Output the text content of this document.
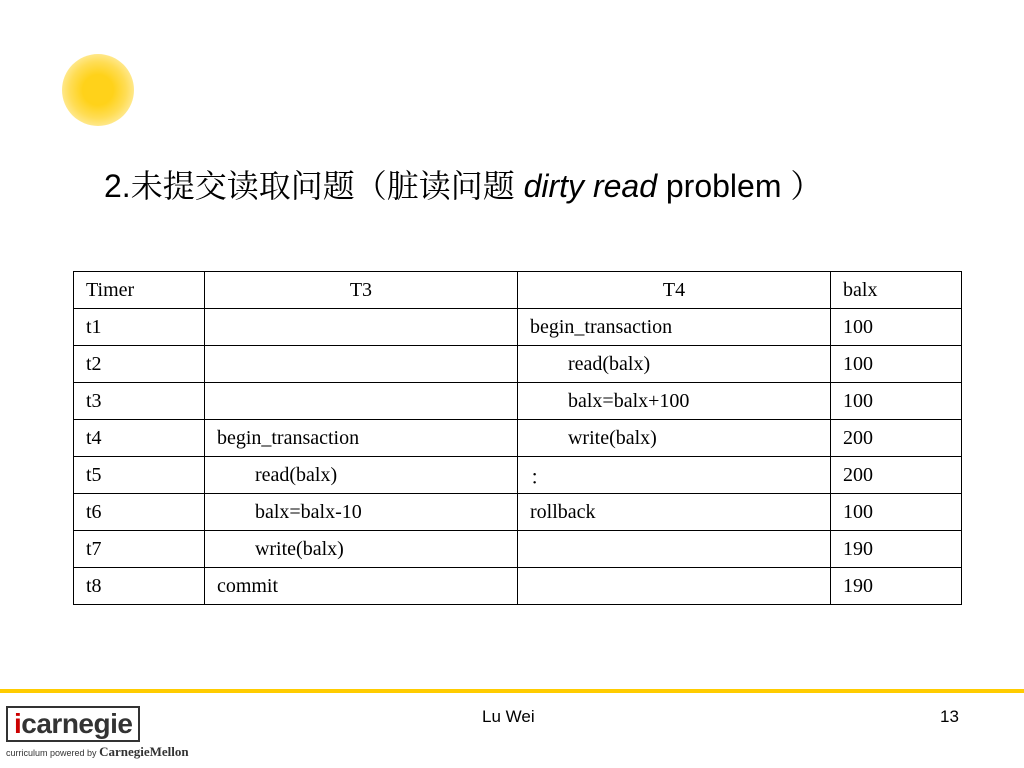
2.未提交读取问题（脏读问题 dirty read problem ）
Timer	T3	T4	balx
t1		begin_transaction	100
t2		read(balx)	100
t3		balx=balx+100	100
t4	begin_transaction	write(balx)	200
t5	read(balx)	：	200
t6	balx=balx-10	rollback	100
t7	write(balx)		190
t8	commit		190
icarnegie
curriculum powered by CarnegieMellon
Lu Wei	13
